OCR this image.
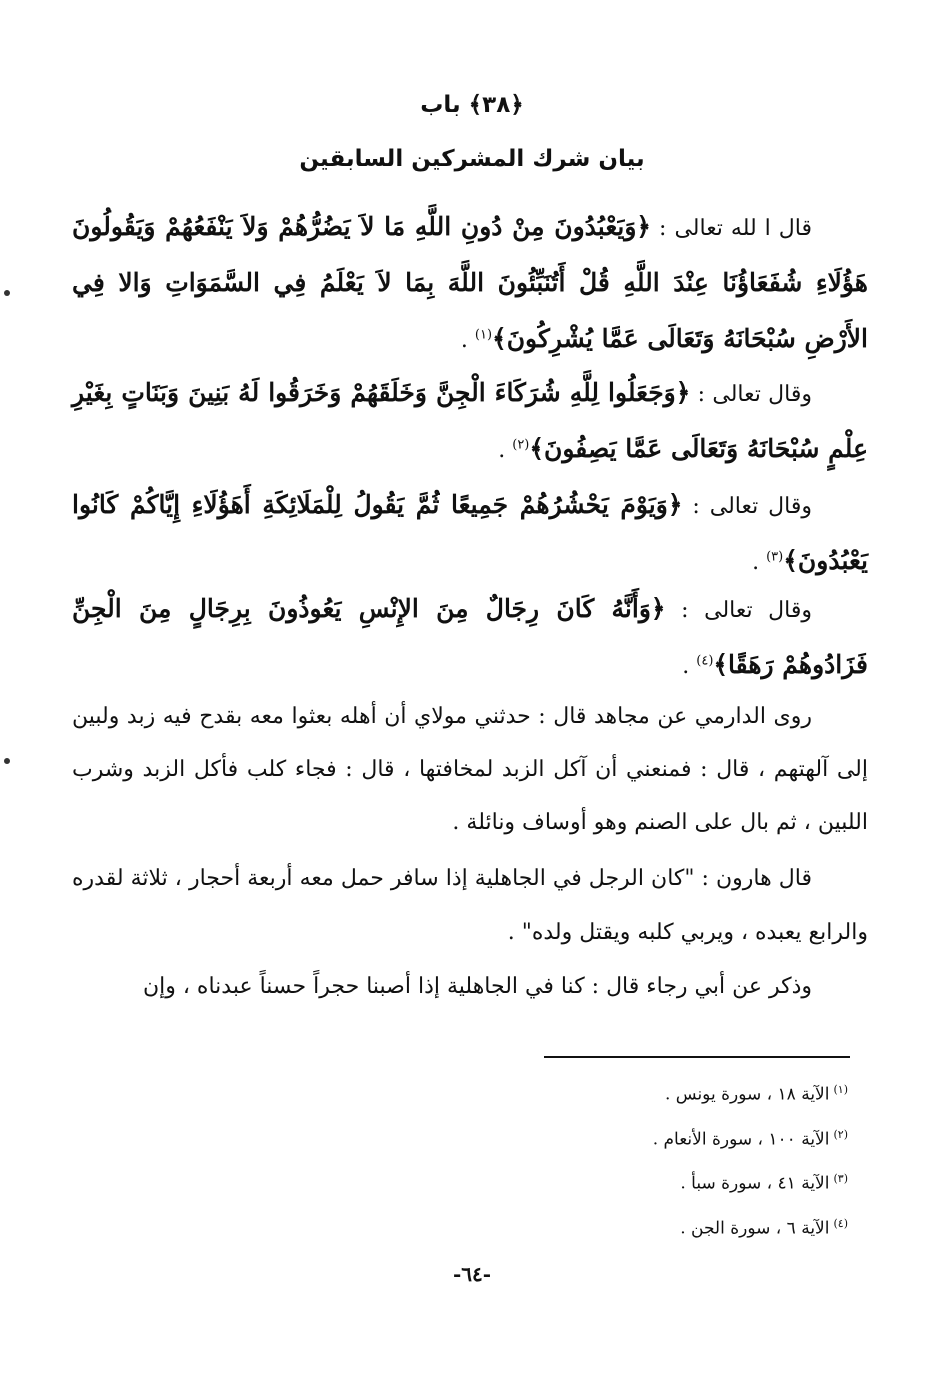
﴿٣٨﴾ باب
بيان شرك المشركين السابقين

قال ا لله تعالى : ﴿وَيَعْبُدُونَ مِنْ دُونِ اللَّهِ مَا لاَ يَضُرُّهُمْ وَلاَ يَنْفَعُهُمْ وَيَقُولُونَ هَؤُلَاءِ شُفَعَاؤُنَا عِنْدَ اللَّهِ قُلْ أَتُنَبِّئُونَ اللَّهَ بِمَا لاَ يَعْلَمُ فِي السَّمَوَاتِ وَالا فِي الأَرْضِ سُبْحَانَهُ وَتَعَالَى عَمَّا يُشْرِكُونَ﴾$^{(١)}$ .

وقال تعالى : ﴿وَجَعَلُوا لِلَّهِ شُرَكَاءَ الْجِنَّ وَخَلَقَهُمْ وَخَرَقُوا لَهُ بَنِينَ وَبَنَاتٍ بِغَيْرِ عِلْمٍ سُبْحَانَهُ وَتَعَالَى عَمَّا يَصِفُونَ﴾$^{(٢)}$ .

وقال تعالى : ﴿وَيَوْمَ يَحْشُرُهُمْ جَمِيعًا ثُمَّ يَقُولُ لِلْمَلَائِكَةِ أَهَؤُلَاءِ إِيَّاكُمْ كَانُوا يَعْبُدُونَ﴾$^{(٣)}$ .

وقال تعالى : ﴿وَأَنَّهُ كَانَ رِجَالٌ مِنَ الإِنْسِ يَعُوذُونَ بِرِجَالٍ مِنَ الْجِنِّ فَزَادُوهُمْ رَهَقًا﴾$^{(٤)}$ .

روى الدارمي عن مجاهد قال : حدثني مولاي أن أهله بعثوا معه بقدح فيه زبد ولبين إلى آلهتهم ، قال : فمنعني أن آكل الزبد لمخافتها ، قال : فجاء كلب فأكل الزبد وشرب اللبين ، ثم بال على الصنم وهو أوساف ونائلة .

قال هارون : "كان الرجل في الجاهلية إذا سافر حمل معه أربعة أحجار ، ثلاثة لقدره والرابع يعبده ، ويربي كلبه ويقتل ولده" .

وذكر عن أبي رجاء قال : كنا في الجاهلية إذا أصبنا حجراً حسناً عبدناه ، وإن

$^{(١)}$الآية ١٨ ، سورة يونس .
$^{(٢)}$الآية ١٠٠ ، سورة الأنعام .
$^{(٣)}$الآية ٤١ ، سورة سبأ .
$^{(٤)}$الآية ٦ ، سورة الجن .
-٦٤-
